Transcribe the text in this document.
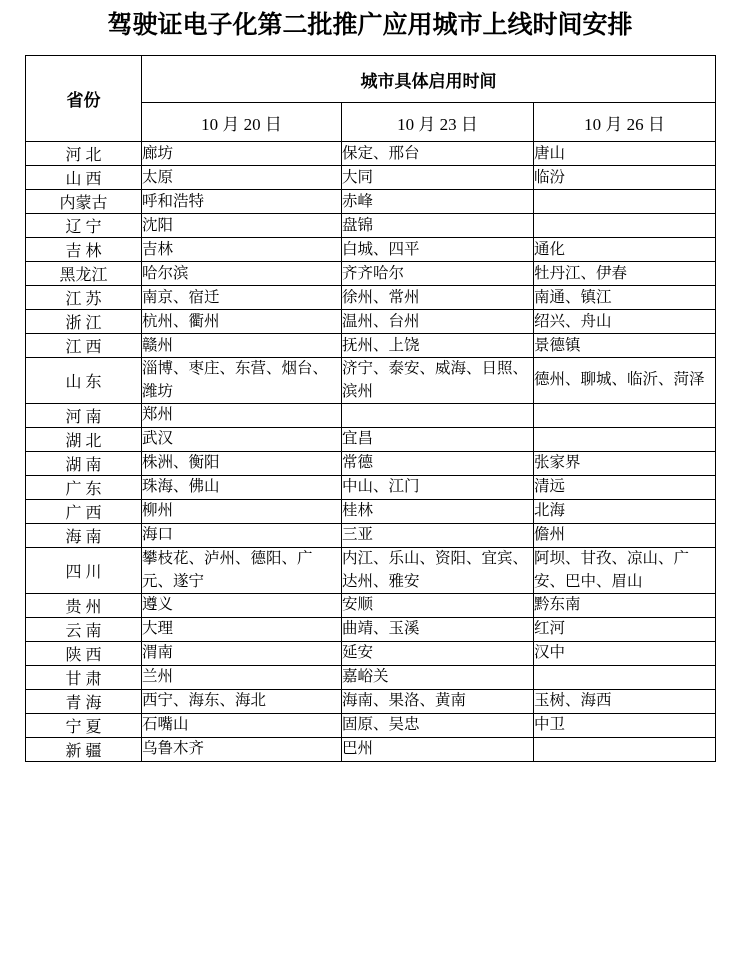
驾驶证电子化第二批推广应用城市上线时间安排
省份	城市具体启用时间		
	10 月 20 日	10 月 23 日	10 月 26 日
河 北	廊坊	保定、邢台	唐山
山 西	太原	大同	临汾
内蒙古	呼和浩特	赤峰	
辽 宁	沈阳	盘锦	
吉 林	吉林	白城、四平	通化
黑龙江	哈尔滨	齐齐哈尔	牡丹江、伊春
江 苏	南京、宿迁	徐州、常州	南通、镇江
浙 江	杭州、衢州	温州、台州	绍兴、舟山
江 西	赣州	抚州、上饶	景德镇
山 东	淄博、枣庄、东营、烟台、潍坊	济宁、泰安、威海、日照、滨州	德州、聊城、临沂、菏泽
河 南	郑州		
湖 北	武汉	宜昌	
湖 南	株洲、衡阳	常德	张家界
广 东	珠海、佛山	中山、江门	清远
广 西	柳州	桂林	北海
海 南	海口	三亚	儋州
四 川	攀枝花、泸州、德阳、广元、遂宁	内江、乐山、资阳、宜宾、达州、雅安	阿坝、甘孜、凉山、广安、巴中、眉山
贵 州	遵义	安顺	黔东南
云 南	大理	曲靖、玉溪	红河
陕 西	渭南	延安	汉中
甘 肃	兰州	嘉峪关	
青 海	西宁、海东、海北	海南、果洛、黄南	玉树、海西
宁 夏	石嘴山	固原、吴忠	中卫
新 疆	乌鲁木齐	巴州	
